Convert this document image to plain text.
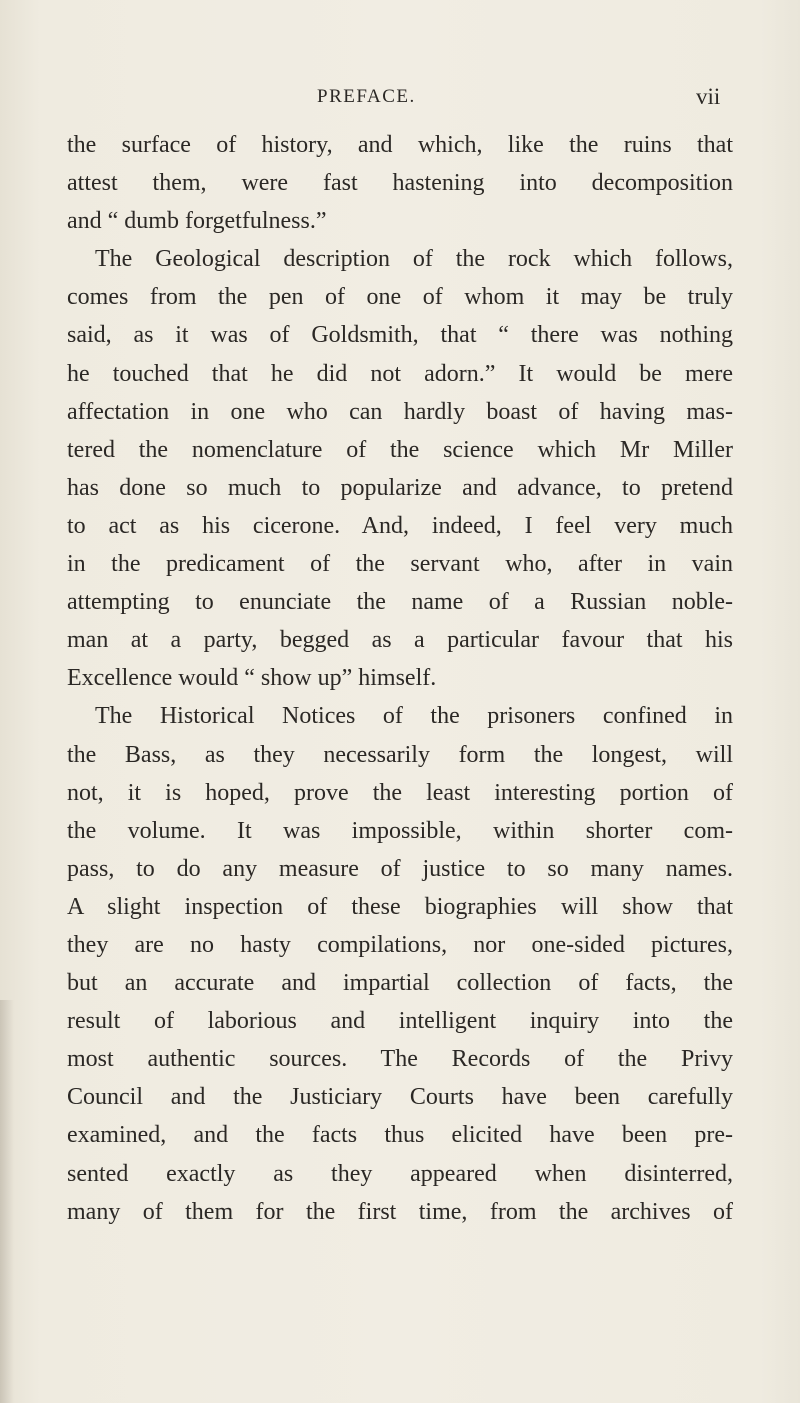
PREFACE.	vii
the surface of history, and which, like the ruins that
attest them, were fast hastening into decomposition
and “ dumb forgetfulness.”
The Geological description of the rock which follows,
comes from the pen of one of whom it may be truly
said, as it was of Goldsmith, that “ there was nothing
he touched that he did not adorn.” It would be mere
affectation in one who can hardly boast of having mas-
tered the nomenclature of the science which Mr Miller
has done so much to popularize and advance, to pretend
to act as his cicerone. And, indeed, I feel very much
in the predicament of the servant who, after in vain
attempting to enunciate the name of a Russian noble-
man at a party, begged as a particular favour that his
Excellence would “ show up” himself.
The Historical Notices of the prisoners confined in
the Bass, as they necessarily form the longest, will
not, it is hoped, prove the least interesting portion of
the volume. It was impossible, within shorter com-
pass, to do any measure of justice to so many names.
A slight inspection of these biographies will show that
they are no hasty compilations, nor one-sided pictures,
but an accurate and impartial collection of facts, the
result of laborious and intelligent inquiry into the
most authentic sources. The Records of the Privy
Council and the Justiciary Courts have been carefully
examined, and the facts thus elicited have been pre-
sented exactly as they appeared when disinterred,
many of them for the first time, from the archives of
